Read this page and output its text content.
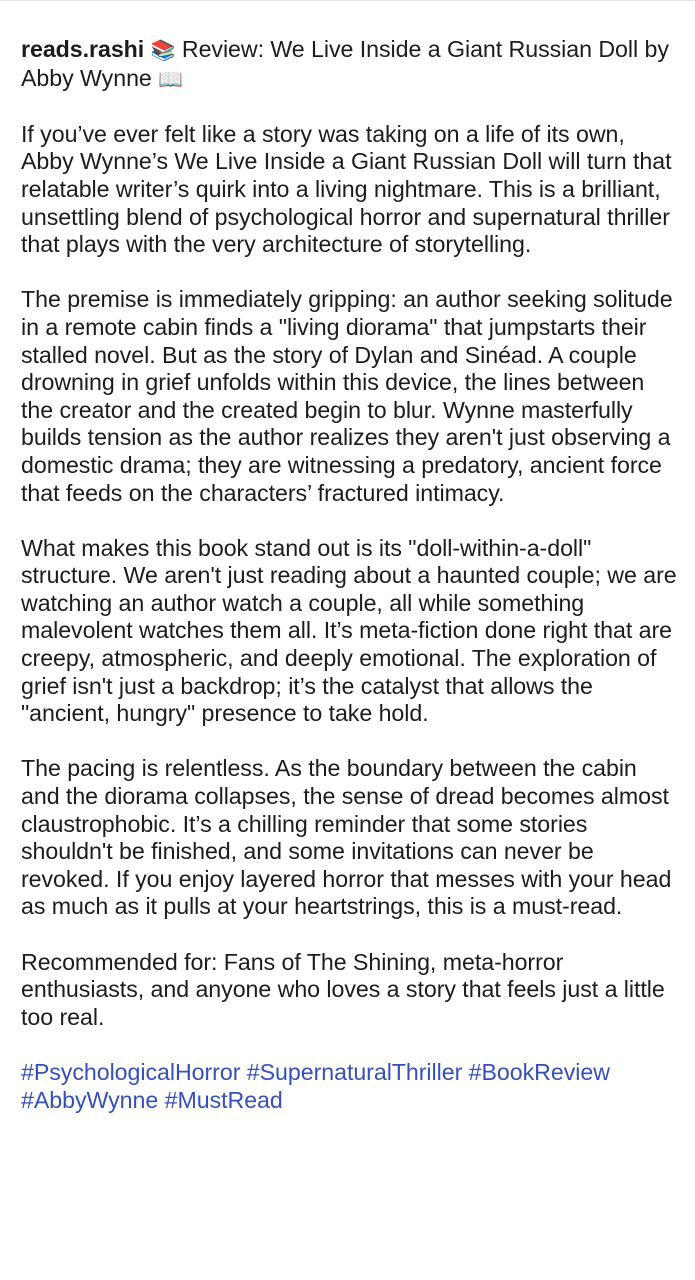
reads.rashi 📚 Review: We Live Inside a Giant Russian Doll by Abby Wynne 📖

If you’ve ever felt like a story was taking on a life of its own, Abby Wynne’s We Live Inside a Giant Russian Doll will turn that relatable writer’s quirk into a living nightmare. This is a brilliant, unsettling blend of psychological horror and supernatural thriller that plays with the very architecture of storytelling.

The premise is immediately gripping: an author seeking solitude in a remote cabin finds a "living diorama" that jumpstarts their stalled novel. But as the story of Dylan and Sinéad. A couple drowning in grief unfolds within this device, the lines between the creator and the created begin to blur. Wynne masterfully builds tension as the author realizes they aren't just observing a domestic drama; they are witnessing a predatory, ancient force that feeds on the characters’ fractured intimacy.

What makes this book stand out is its "doll-within-a-doll" structure. We aren't just reading about a haunted couple; we are watching an author watch a couple, all while something malevolent watches them all. It’s meta-fiction done right that are creepy, atmospheric, and deeply emotional. The exploration of grief isn't just a backdrop; it’s the catalyst that allows the "ancient, hungry" presence to take hold.

The pacing is relentless. As the boundary between the cabin and the diorama collapses, the sense of dread becomes almost claustrophobic. It’s a chilling reminder that some stories shouldn't be finished, and some invitations can never be revoked. If you enjoy layered horror that messes with your head as much as it pulls at your heartstrings, this is a must-read.

Recommended for: Fans of The Shining, meta-horror enthusiasts, and anyone who loves a story that feels just a little too real.

#PsychologicalHorror #SupernaturalThriller #BookReview #AbbyWynne #MustRead
